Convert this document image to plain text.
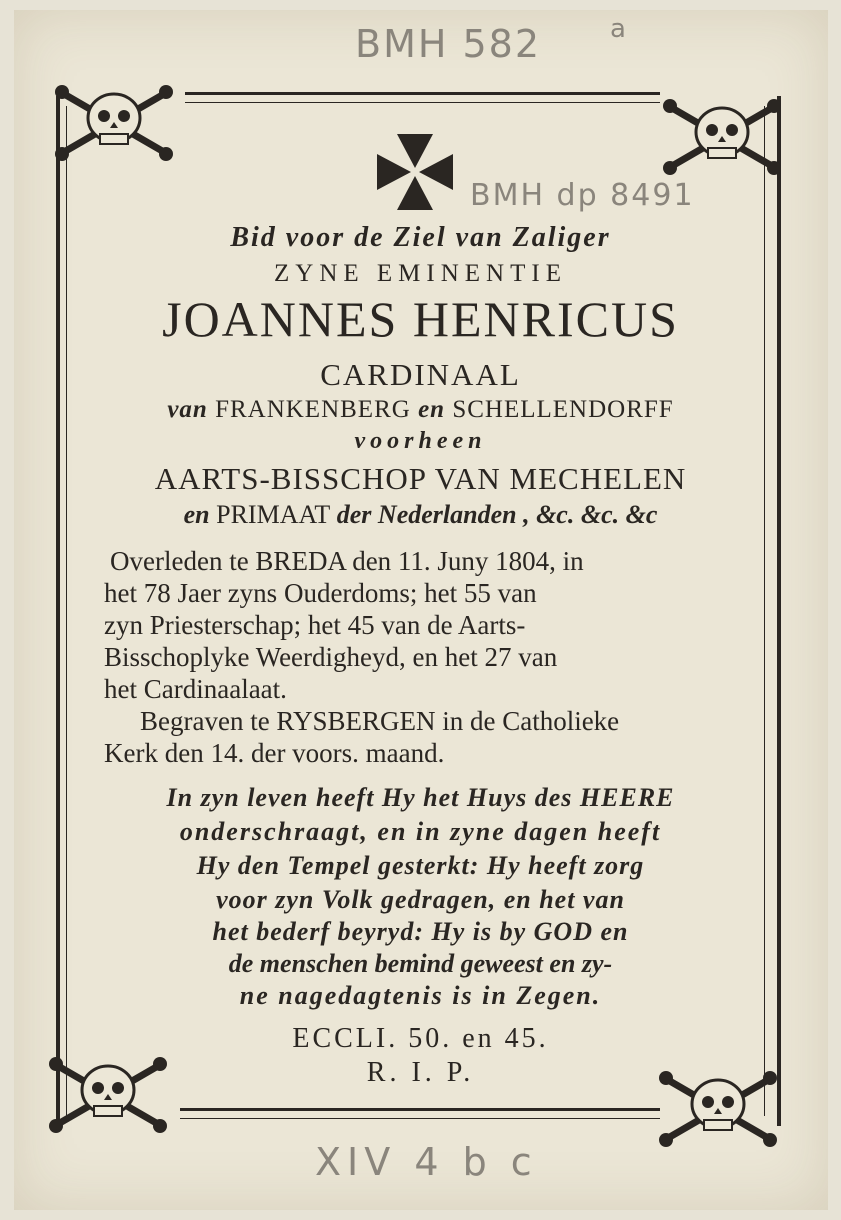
BMH 582	a
BMH dp 8491
XIV 4 b c
Bid voor de Ziel van Zaliger
ZYNE EMINENTIE
JOANNES HENRICUS
CARDINAAL
van FRANKENBERG en SCHELLENDORFF
voorheen
AARTS-BISSCHOP VAN MECHELEN
en PRIMAAT der Nederlanden , &c. &c. &c
Overleden te BREDA den 11. Juny 1804, in
het 78 Jaer zyns Ouderdoms; het 55 van
zyn Priesterschap; het 45 van de Aarts-
Bisschoplyke Weerdigheyd, en het 27 van
het Cardinaalaat.
Begraven te RYSBERGEN in de Catholieke
Kerk den 14. der voors. maand.
In zyn leven heeft Hy het Huys des HEERE
onderschraagt, en in zyne dagen heeft
Hy den Tempel gesterkt: Hy heeft zorg
voor zyn Volk gedragen, en het van
het bederf beyryd: Hy is by GOD en
de menschen bemind geweest en zy-
ne nagedagtenis is in Zegen.
ECCLI. 50. en 45.
R. I. P.
